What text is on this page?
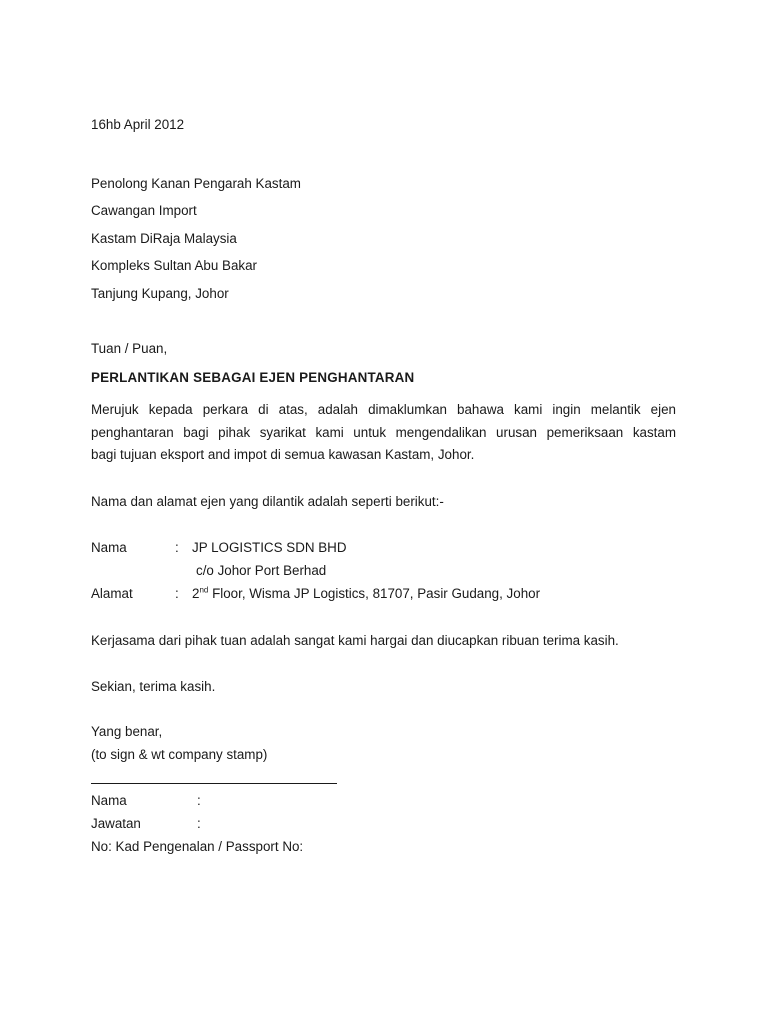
16hb April 2012
Penolong Kanan Pengarah Kastam
Cawangan Import
Kastam DiRaja Malaysia
Kompleks Sultan Abu Bakar
Tanjung Kupang, Johor
Tuan / Puan,
PERLANTIKAN SEBAGAI EJEN PENGHANTARAN
Merujuk kepada perkara di atas, adalah dimaklumkan bahawa kami ingin melantik ejen
penghantaran bagi pihak syarikat kami untuk mengendalikan urusan pemeriksaan kastam
bagi tujuan eksport and impot di semua kawasan Kastam, Johor.
Nama dan alamat ejen yang dilantik adalah seperti berikut:-
Nama	: JP LOGISTICS SDN BHD
c/o Johor Port Berhad
Alamat	: 2nd Floor, Wisma JP Logistics, 81707, Pasir Gudang, Johor
Kerjasama dari pihak tuan adalah sangat kami hargai dan diucapkan ribuan terima kasih.
Sekian, terima kasih.
Yang benar,
(to sign & wt company stamp)
Nama	:
Jawatan	:
No: Kad Pengenalan / Passport No:
